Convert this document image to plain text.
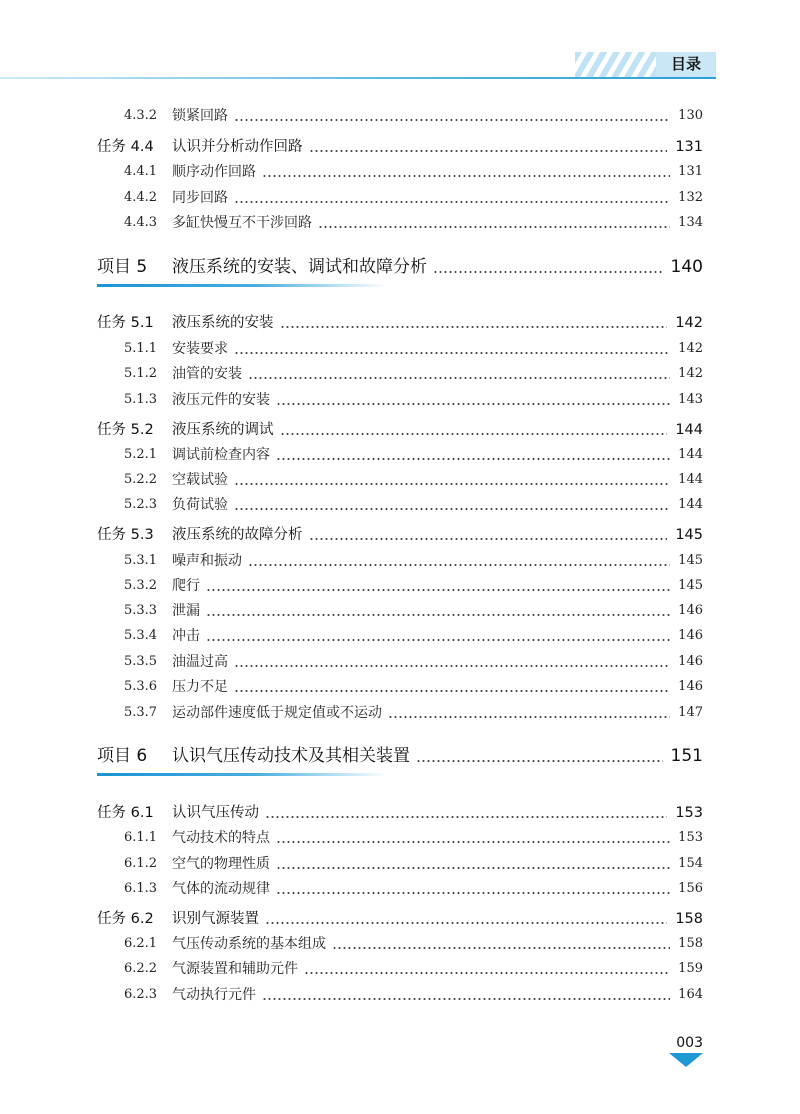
目录
4.3.2 锁紧回路	130
任务 4.4 认识并分析动作回路	131
4.4.1 顺序动作回路	131
4.4.2 同步回路	132
4.4.3 多缸快慢互不干涉回路	134
项目 5 液压系统的安装、调试和故障分析	140
任务 5.1 液压系统的安装	142
5.1.1 安装要求	142
5.1.2 油管的安装	142
5.1.3 液压元件的安装	143
任务 5.2 液压系统的调试	144
5.2.1 调试前检查内容	144
5.2.2 空载试验	144
5.2.3 负荷试验	144
任务 5.3 液压系统的故障分析	145
5.3.1 噪声和振动	145
5.3.2 爬行	145
5.3.3 泄漏	146
5.3.4 冲击	146
5.3.5 油温过高	146
5.3.6 压力不足	146
5.3.7 运动部件速度低于规定值或不运动	147
项目 6 认识气压传动技术及其相关装置	151
任务 6.1 认识气压传动	153
6.1.1 气动技术的特点	153
6.1.2 空气的物理性质	154
6.1.3 气体的流动规律	156
任务 6.2 识别气源装置	158
6.2.1 气压传动系统的基本组成	158
6.2.2 气源装置和辅助元件	159
6.2.3 气动执行元件	164
003
